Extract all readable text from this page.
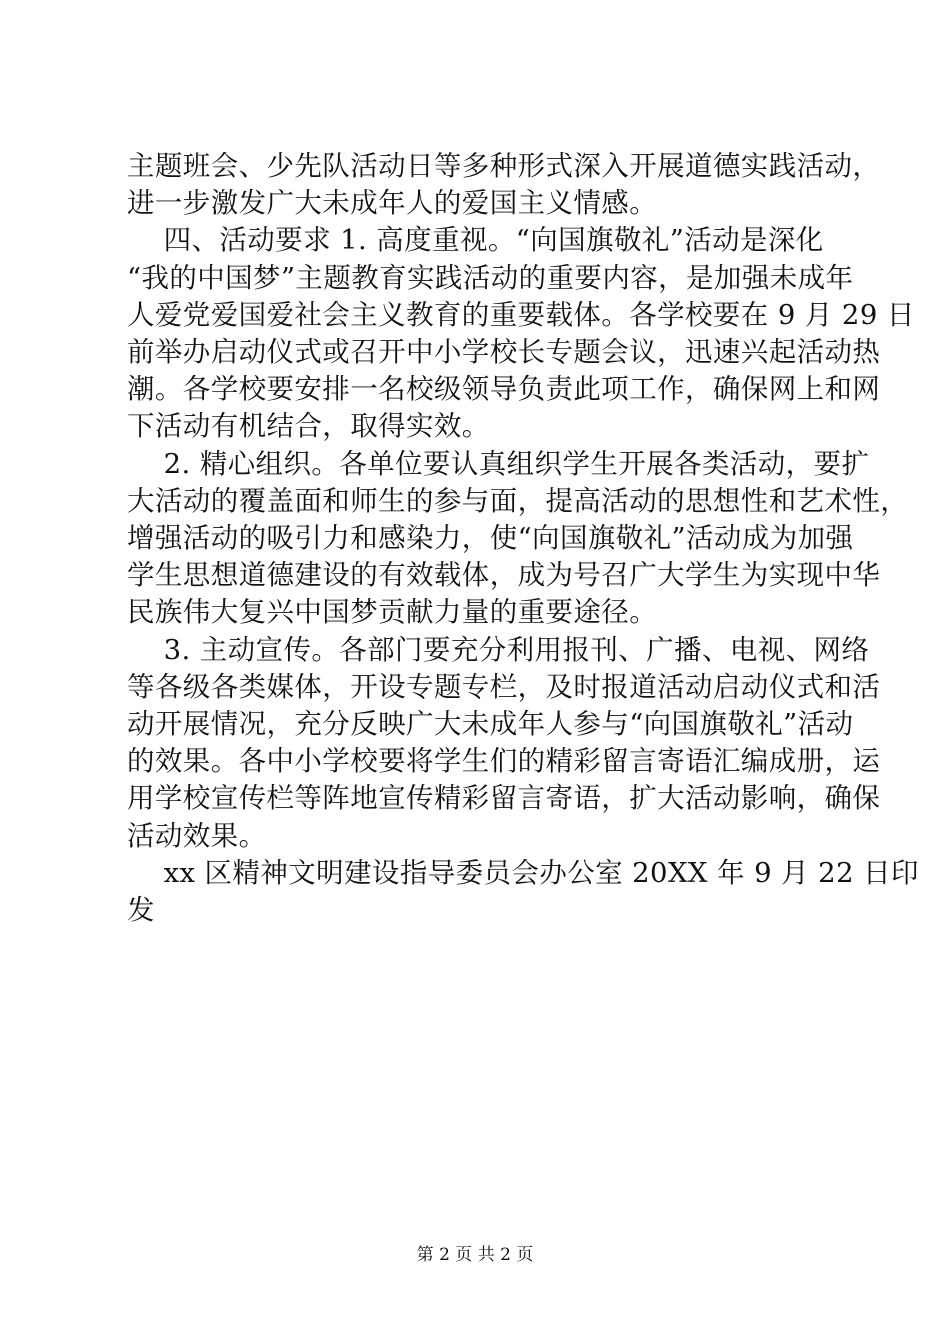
主题班会、少先队活动日等多种形式深入开展道德实践活动，
进一步激发广大未成年人的爱国主义情感。
四、活动要求 1. 高度重视。“向国旗敬礼”活动是深化
“我的中国梦”主题教育实践活动的重要内容，是加强未成年
人爱党爱国爱社会主义教育的重要载体。各学校要在 9 月 29 日
前举办启动仪式或召开中小学校长专题会议，迅速兴起活动热
潮。各学校要安排一名校级领导负责此项工作，确保网上和网
下活动有机结合，取得实效。
2. 精心组织。各单位要认真组织学生开展各类活动，要扩
大活动的覆盖面和师生的参与面，提高活动的思想性和艺术性，
增强活动的吸引力和感染力，使“向国旗敬礼”活动成为加强
学生思想道德建设的有效载体，成为号召广大学生为实现中华
民族伟大复兴中国梦贡献力量的重要途径。
3. 主动宣传。各部门要充分利用报刊、广播、电视、网络
等各级各类媒体，开设专题专栏，及时报道活动启动仪式和活
动开展情况，充分反映广大未成年人参与“向国旗敬礼”活动
的效果。各中小学校要将学生们的精彩留言寄语汇编成册，运
用学校宣传栏等阵地宣传精彩留言寄语，扩大活动影响，确保
活动效果。
xx 区精神文明建设指导委员会办公室 20XX 年 9 月 22 日印
发
第 2 页 共 2 页
